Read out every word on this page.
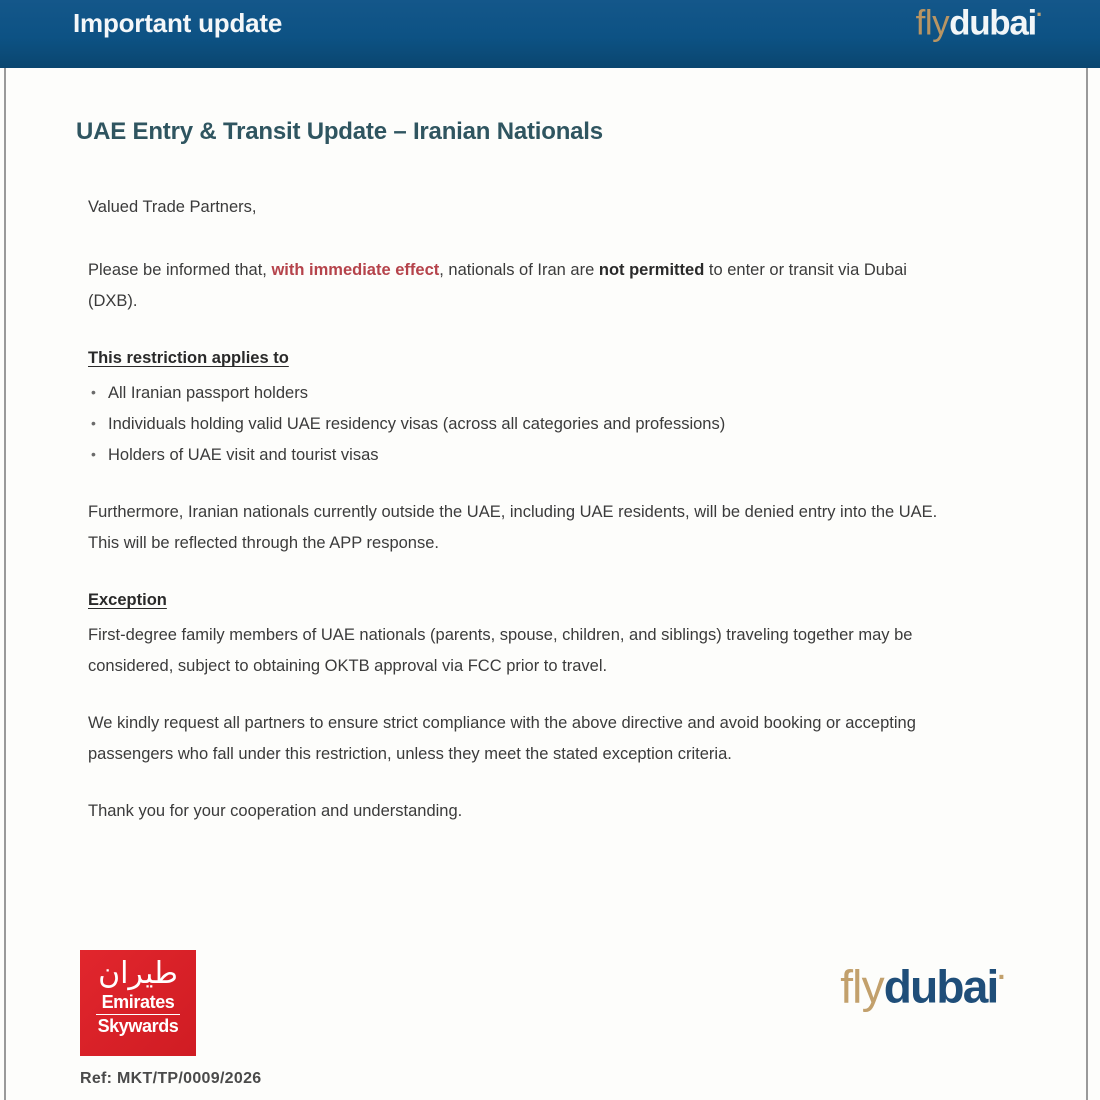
Important update	flydubai·
UAE Entry & Transit Update – Iranian Nationals

Valued Trade Partners,

Please be informed that, with immediate effect, nationals of Iran are not permitted to enter or transit via Dubai (DXB).

This restriction applies to

• All Iranian passport holders
• Individuals holding valid UAE residency visas (across all categories and professions)
• Holders of UAE visit and tourist visas

Furthermore, Iranian nationals currently outside the UAE, including UAE residents, will be denied entry into the UAE. This will be reflected through the APP response.

Exception

First-degree family members of UAE nationals (parents, spouse, children, and siblings) traveling together may be considered, subject to obtaining OKTB approval via FCC prior to travel.

We kindly request all partners to ensure strict compliance with the above directive and avoid booking or accepting passengers who fall under this restriction, unless they meet the stated exception criteria.

Thank you for your cooperation and understanding.

طيران
Emirates
Skywards
flydubai·
Ref: MKT/TP/0009/2026
